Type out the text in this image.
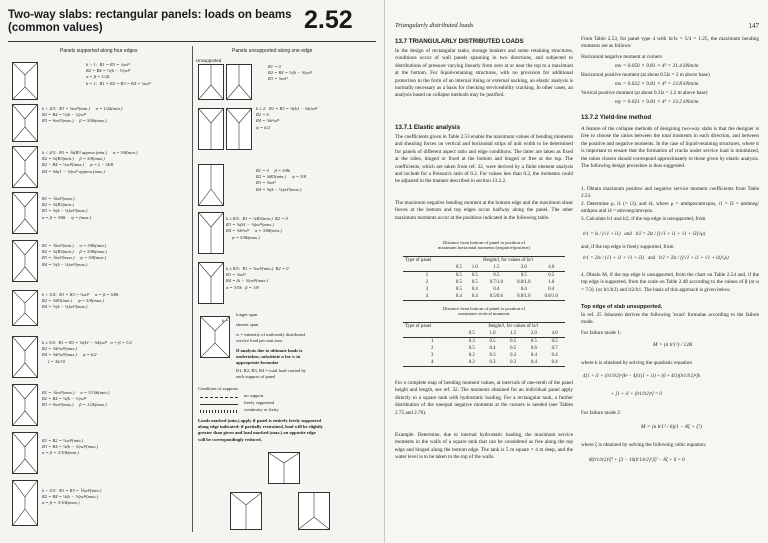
Two-way slabs: rectangular panels: loads on beams
(common values)	2.52
Panels supported along four edges	Panels unsupported along one edge
k > 1:  R1 = R3 = ¼wl²
R2 = R4 = ½(k − ½)wl²
α = β = 1/2k
k = 1:  R1 = R2 = R3 = R4 = ¼wl²
k < 4/3:  R1 = ⅛wl²(min.)     α = 1/2k(min.)
R2 = R4 = ½(k − ¼)wl²
R3 = ⅜wl²(max.)     β = 5/6k(max.)
k < 4/3:  R1 = ⅙(R3 approx.(min.)     α = 5/8(min.)
R2 = ⅛(R3(min.)     β = 5/8(max.)
R2 − R4 = ⅛wl²(max.)     ψ = ζ − 3k/8
R4 = ⅝k(1 − ⅛)wl² approx.(max.)
R1 = ⅙wl²(max.)
R2 = ⅛(R3(min.)
R3 = ⅛(k − ⅛)wl²(max.)
α = β = 3/8k     ψ = (max.)
R1 = ⅙wl²(min.)     α = 3/8k(min.)
R2 = ⅛(R3(min.)     β = 5/8k(max.)
R3 = ⅙wl²(max.)     ψ = 5/8(max.)
R4 = ½(k − ⅛)wl²(max.)
k < 5/4:  R1 = R3 = ⅛wl²     α = β = 5/8k
R2 = ⅛R3(min.)     ψ = 5/8(max.)
R4 = ½(k − ⅛)wl²(max.)
k ≤ 5/4:  R1 = R3 = ⅛(k1 − ⅛k)wl²   α = β = 1/2
R2 = ⅛k²wl²(max.)
R4 = ⅛k²wl²(max.)     ψ = k/2
ζ = 3k/10
R1 = ⅙wl²(max.)     α = 3/10k(min.)
R2 = R4 = ⅛(k − ½)wl²
R3 = ⅜wl²(max.)     β = 1/2k(max.)
R1 = R2 = ⅛wl²(min.)
R3 = R4 = ⅛(k − ⅛)wl²(max.)
α = β = 3/10k(min.)
k < 5/3:  R1 = R3 = ⅙wl²(min.)
R2 = R4 = ⅛(k − ⅛)wl²(max.)
α = β = 3/10k(max.)
Unsupported
R1 = 0
R2 = R4 = ½(k − ⅛)wl²
R3 = ⅛wl²
k ≥ 2:  R1 = R3 = ⅛(k1 − ⅛k)wl²
R2 = 0
R4 = ⅛k²wl²
ψ = k/2
R1 = 0     β = 5/8k
R2 = ⅛R3(min.)     ψ = 5/8
R3 = ⅛wl²
R4 = ⅛(k − ⅛)wl²(max.)
k ≥ 8/5:  R1 = ⅛R3(min.)  R2 = 0
R3 = ⅛(k1 − ⅛)wl²(max.)
R4 = ⅛k²wl²     α = 3/8k(min.)
ψ = 5/8k(max.)
k ≥ 8/5:  R1 = ⅛wl²(min.)  R2 = 0
R3 = ⅛wl²
R4 = (k − ⅛)wl²(max.)
α = 3/5k   β = 1/8
longer span
k =
shorter span
w = intensity of uniformly distributed
service load per unit area
If analysis due to ultimate loads is
undertaken, substitute n for w in
appropriate formulae
R1, R2, R3, R4 = total load carried by
each support of panel
Condition of supports
no support
freely supported
continuity or fixity
Loads marked (min.) apply if panel is entirely freely supported
along edge indicated: if partially restrained, load will be slightly
greater than given and load marked (max.) on opposite edge
will be correspondingly reduced.
Triangularly distributed loads	147
13.7 TRIANGULARLY DISTRIBUTED LOADS
In the design of rectangular tanks, storage bunkers and some retaining structures, conditions occur of wall panels spanning in two directions, and subjected to distributions of pressure varying linearly from zero at or near the top to a maximum at the bottom. For liquid-retaining structures, with no provision for additional protection in the form of an internal lining or external nacking, an elastic analysis is normally necessary as a basis for checking serviceability cracking. In other cases, an analysis based on collapse methods may be justified.
13.7.1 Elastic analysis
The coefficients given in Table 2.53 enable the maximum values of bending moments and shearing forces on vertical and horizontal strips of unit width to be determined for panels of different aspect ratio and edge conditions. The latter are taken as fixed at the sides, hinged or fixed at the bottom and hinged or free at the top. The coefficients, which are taken from ref. 32, were derived by a finite element analysis and include for a Poisson's ratio of 0.2. For values less than 0.2, the moments could be adjusted in the manner described in section 13.2.2.
The maximum negative bending moment at the bottom edge and the maximum shear forces at the bottom and top edges occur halfway along the panel. The other maximum moments occur at the positions indicated in the following table.
Distance from bottom of panel to position of
maximum horizontal moments (negative/positive)
Type of panel	Height/l, for values of lz/l				
	0.5	1.0	1.5	2.0	4.0
1	0.5	0.5	0.5	0.5	0.5
2	0.5	0.5	0.7/1.0	0.8/1.0	1.0
3	0.5	0.4	0.4	0.4	0.4
4	0.4	0.4	0.5/0.6	0.8/1.0	0.8/1.0
Distance from bottom of panel to position of
maximum vertical moments
Type of panel	Height/l, for values of lz/l				
	0.5	1.0	1.5	2.0	4.0
1	0.3	0.5	0.5	0.5	0.5
2	0.5	0.4	0.5	0.6	0.7
3	0.2	0.3	0.3	0.4	0.4
4	0.2	0.3	0.3	0.4	0.4
For a complete map of bending moment values, at intervals of one-tenth of the panel height and length, see ref. 32. The moments obtained for an individual panel apply directly to a square tank with hydrostatic loading. For a rectangular tank, a further distribution of the unequal negative moments at the corners is needed (see Tables 2.75 and 2.76).
Example. Determine, due to internal hydrostatic loading, the maximum service moments in the walls of a square tank that can be considered as free along the top edge and hinged along the bottom edge. The tank is 5 m square × 4 m deep, and the water level is to be taken to the top of the walls.
From Table 2.53, for panel type 4 with lz/lx = 5/4 = 1.25, the maximum bending moments are as follows:
Horizontal negative moment at corners
mx = 0.050 × 9.81 × 4³ = 31.4 kNm/m
Horizontal positive moment (at about 0.5lz = 2 m above base)
mx = 0.022 × 9.81 × 4³ = 13.8 kNm/m
Vertical positive moment (at about 0.3lz = 1.2 m above base)
my = 0.021 × 9.81 × 4³ = 13.2 kNm/m
13.7.2 Yield-line method
A feature of the collapse methods of designing two-way slabs is that the designer is free to choose the ratios between the total moments in each direction, and between the positive and negative moments. In the case of liquid-retaining structures, where it is important to ensure that the formation of cracks under service load is minimized, the ratios chosen should correspond approximately to those given by elastic analysis. The following design procedure is thus suggested.
1. Obtain maximum positive and negative service moment coefficients from Table 2.53.
2. Determine μ, i1 (= i3), and i4, where μ = αmhpos/αmvpos, i1 = i3 = αmhneg/αmhpos and i4 = αmvneg/αmvpos.
3. Calculate lr1 and lr2, if the top edge is unsupported, from
lr1 = lx / (√1 + i1)   and   lr2 = 2lz / ([√1 + i1 + √1 + i3]√μ)
and, if the top edge is freely supported, from
lr1 = 2lx / (√1 + i1 + √1 + i3)   and   lr2 = 2lz / ([√1 + i1 + √1 + i4]√μ)
4. Obtain M, if the top edge is unsupported, from the chart on Table 2.54 and, if the top edge is supported, from the scale on Table 2.48 according to the values of β (or α = 7/3). (or lr1/lr2) and lr2/lr1. The basis of this approach is given below.
Top edge of slab unsupported.
In ref. 25 Johansen derives the following 'exact' formulae according to the failure mode.
For failure mode 1:
M = (n lr1²) / 12K
where k is obtained by solving the quadratic equation
4[1 + i1 + (lr1/lr2)²]k² − 4[i1(1 + i1) + (6 + 4i1)(lr1/lr2)²]k
+ [1 + i1 + (lr1/lr2)²] = 0
For failure mode 2:
M = (n lr1² / 6)(1 − 8ζ + ζ²)
where ζ is obtained by solving the following cubic equation:
8(lr1/lr2)²ζ³ + [3 − 16(lr1/lr2)²]ζ² − 8ζ + 6 = 0
